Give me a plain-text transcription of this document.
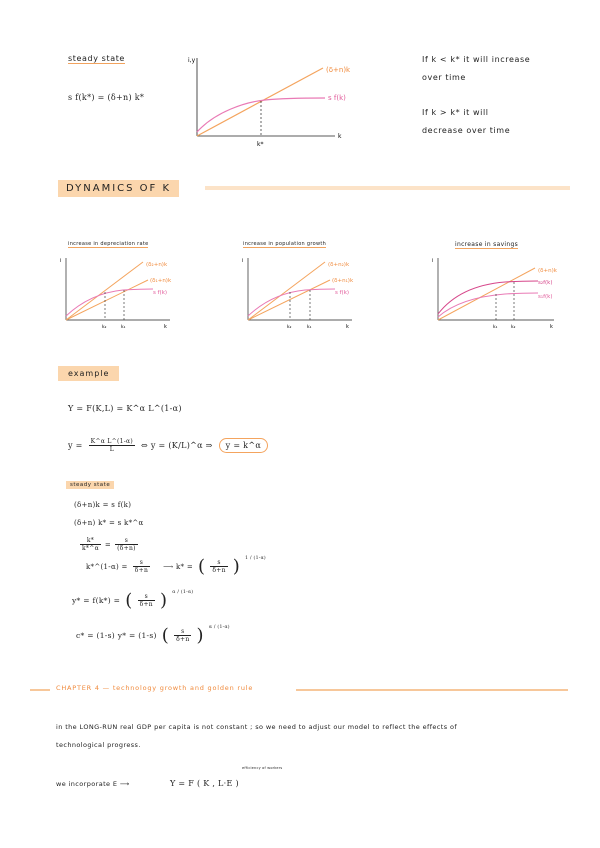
steady state
s f(k*) = (δ+n) k*
i,y
k
(δ+n)k
s f(k)
k*
If k < k* it will increase
over time
If k > k* it will
decrease over time
DYNAMICS OF K
increase in depreciation rate
i
k
(δ₂+n)k
(δ₁+n)k
s f(k)
k₂	k₁
increase in population growth
i
k
(δ+n₂)k
(δ+n₁)k
s f(k)
k₂	k₁
increase in savings
i
k
(δ+n)k
s₂f(k)
s₁f(k)
k₁	k₂
example
Y = F(K,L) = K^α L^(1-α)
$y = \frac{\text{K\textasciicircum{}α L\textasciicircum{}(1-α)}}{L}$ ⇔ y = (K/L)^α ⇒	y = k^α
steady state
(δ+n)k = s f(k)
(δ+n) k* = s k*^α
$\frac{k*}{k*\^{}\alpha} = \frac{s}{(\delta+n)}$
k*^(1-α) = $\frac{s}{\delta+n}$ ⟶ k* = ( $\frac{s}{\delta+n}$ ) 1 / (1-α)
y* = f(k*) = ( $\frac{s}{\delta+n}$ ) α / (1-α)
c* = (1-s) y* = (1-s) ( $\frac{s}{\delta+n}$ ) α / (1-α)
CHAPTER 4 — technology growth and golden rule
in the LONG-RUN real GDP per capita is not constant ; so we need to adjust our model to reflect the effects of
technological progress.
we incorporate E ⟶
efficiency of workers
Y = F ( K , L·E )
